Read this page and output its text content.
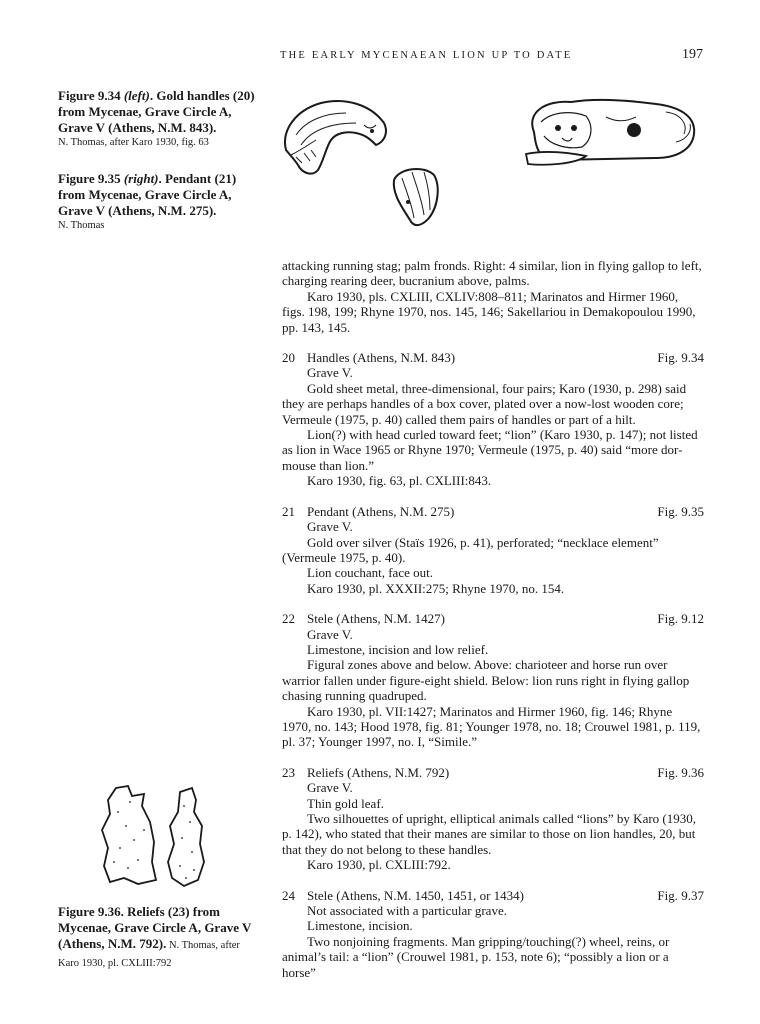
THE EARLY MYCENAEAN LION UP TO DATE	197
Figure 9.34 (left). Gold handles (20) from Mycenae, Grave Circle A, Grave V (Athens, N.M. 843).
N. Thomas, after Karo 1930, fig. 63
Figure 9.35 (right). Pendant (21) from Mycenae, Grave Circle A, Grave V (Athens, N.M. 275).
N. Thomas
Figure 9.36. Reliefs (23) from Mycenae, Grave Circle A, Grave V (Athens, N.M. 792). N. Thomas, after Karo 1930, pl. CXLIII:792

attacking running stag; palm fronds. Right: 4 similar, lion in flying gallop to left, charging rearing deer, bucranium above, palms.

Karo 1930, pls. CXLIII, CXLIV:808–811; Marinatos and Hirmer 1960, figs. 198, 199; Rhyne 1970, nos. 145, 146; Sakellariou in Demakopoulou 1990, pp. 143, 145.

20 Handles (Athens, N.M. 843)	Fig. 9.34

Grave V.

Gold sheet metal, three-dimensional, four pairs; Karo (1930, p. 298) said they are perhaps handles of a box cover, plated over a now-lost wooden core; Vermeule (1975, p. 40) called them pairs of handles or part of a hilt.

Lion(?) with head curled toward feet; “lion” (Karo 1930, p. 147); not listed as lion in Wace 1965 or Rhyne 1970; Vermeule (1975, p. 40) said “more dor-mouse than lion.”

Karo 1930, fig. 63, pl. CXLIII:843.

21 Pendant (Athens, N.M. 275)	Fig. 9.35

Grave V.

Gold over silver (Staïs 1926, p. 41), perforated; “necklace element” (Vermeule 1975, p. 40).

Lion couchant, face out.

Karo 1930, pl. XXXII:275; Rhyne 1970, no. 154.

22 Stele (Athens, N.M. 1427)	Fig. 9.12

Grave V.

Limestone, incision and low relief.

Figural zones above and below. Above: charioteer and horse run over warrior fallen under figure-eight shield. Below: lion runs right in flying gallop chasing running quadruped.

Karo 1930, pl. VII:1427; Marinatos and Hirmer 1960, fig. 146; Rhyne 1970, no. 143; Hood 1978, fig. 81; Younger 1978, no. 18; Crouwel 1981, p. 119, pl. 37; Younger 1997, no. I, “Simile.”

23 Reliefs (Athens, N.M. 792)	Fig. 9.36

Grave V.

Thin gold leaf.

Two silhouettes of upright, elliptical animals called “lions” by Karo (1930, p. 142), who stated that their manes are similar to those on lion handles, 20, but that they do not belong to these handles.

Karo 1930, pl. CXLIII:792.

24 Stele (Athens, N.M. 1450, 1451, or 1434)	Fig. 9.37

Not associated with a particular grave.

Limestone, incision.

Two nonjoining fragments. Man gripping/touching(?) wheel, reins, or animal’s tail: a “lion” (Crouwel 1981, p. 153, note 6); “possibly a lion or a horse”
